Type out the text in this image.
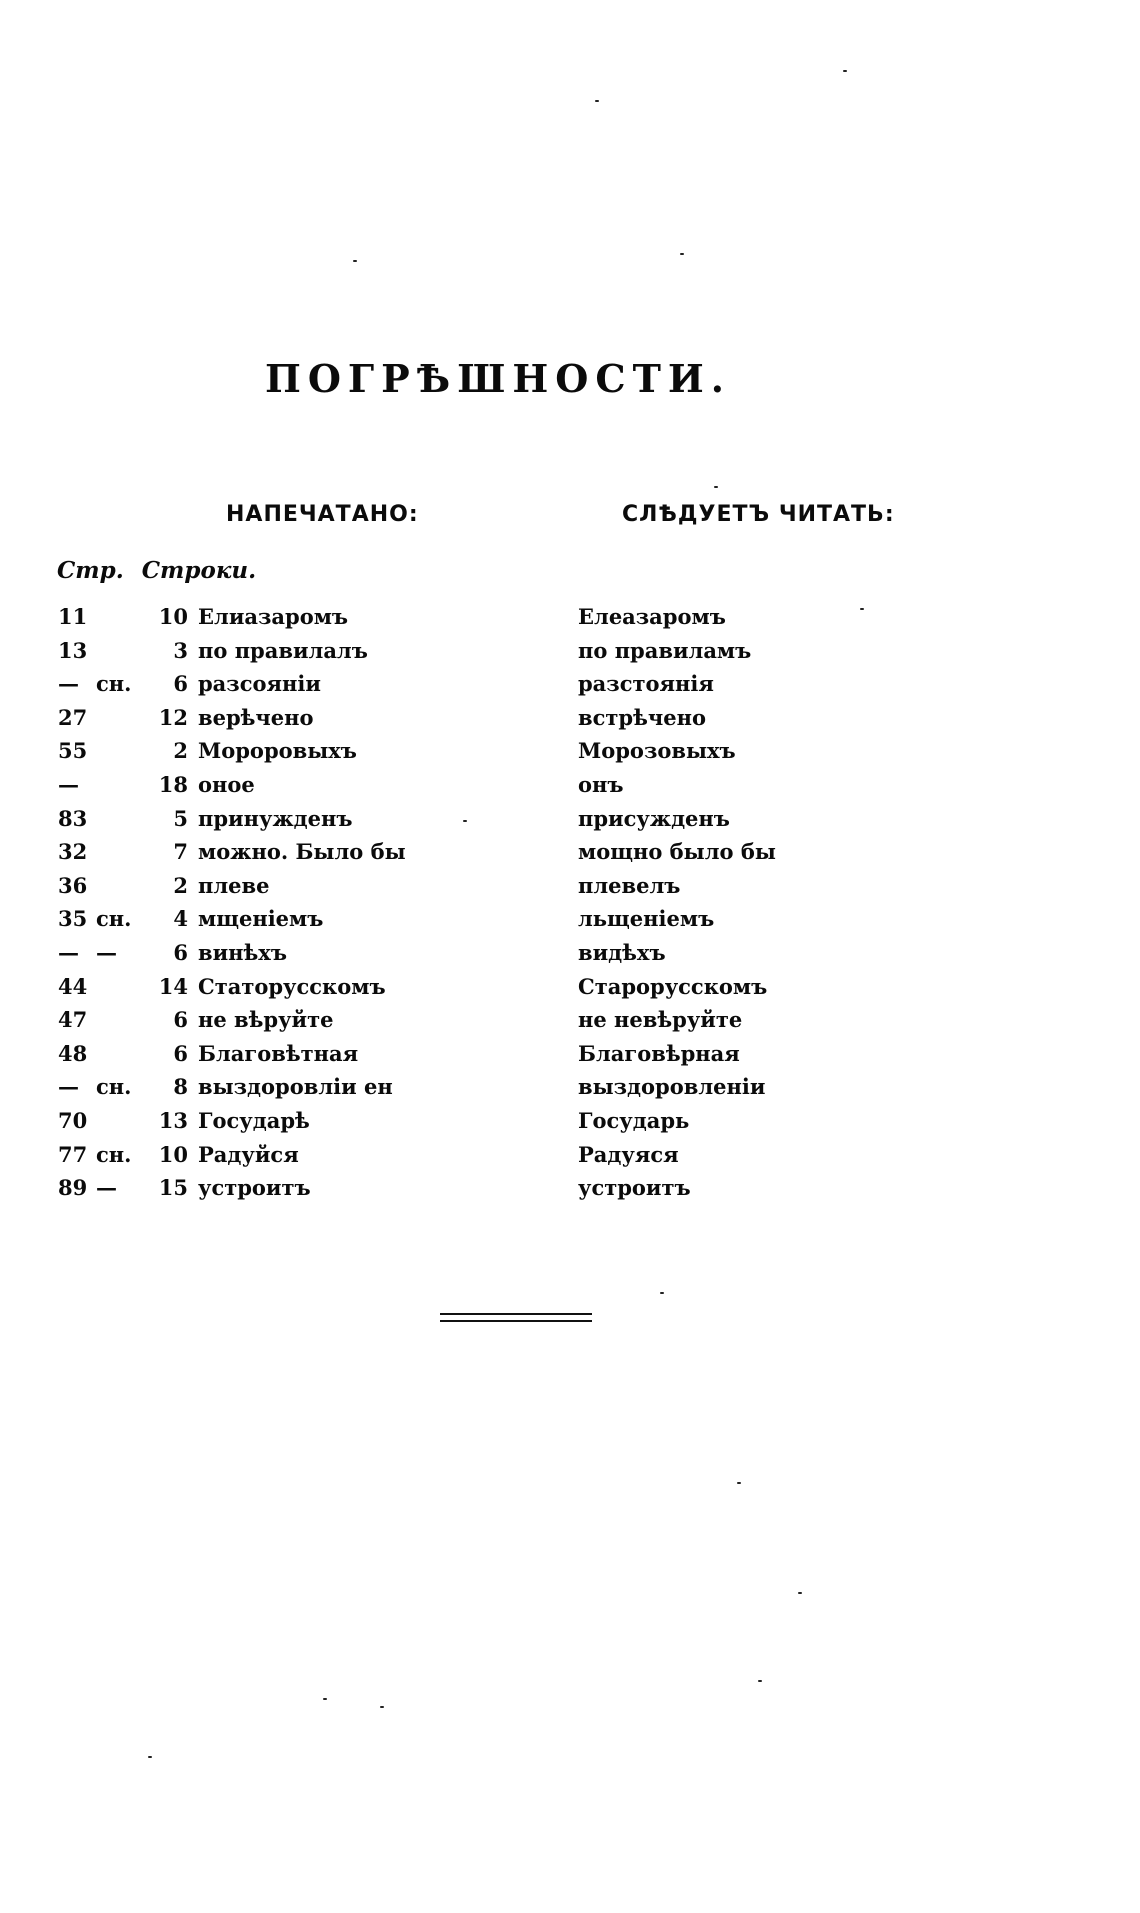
ПОГРѢШНОСТИ.
НАПЕЧАТАНО:	СЛѢДУЕТЪ ЧИТАТЬ:
Стр. Строки.
11	10 Елиазаромъ	Елеазаромъ
13	3 по правилалъ	по правиламъ
— сн.	6 разсоянiи	разстоянiя
27	12 верѣчено	встрѣчено
55	2 Мороровыхъ	Морозовыхъ
—	18 оное	онъ
83	5 принужденъ	присужденъ
32	7 можно. Было бы	мощно было бы
36	2 плеве	плевелъ
35 сн.	4 мщенiемъ	льщенiемъ
— —	6 винѣхъ	видѣхъ
44	14 Статорусскомъ	Старорусскомъ
47	6 не вѣруйте	не невѣруйте
48	6 Благовѣтная	Благовѣрная
— сн.	8 выздоровлiи ен	выздоровленiи
70	13 Государѣ	Государь
77 сн.	10 Радуйся	Радуяся
89 —	15 устроитъ	устроитъ
